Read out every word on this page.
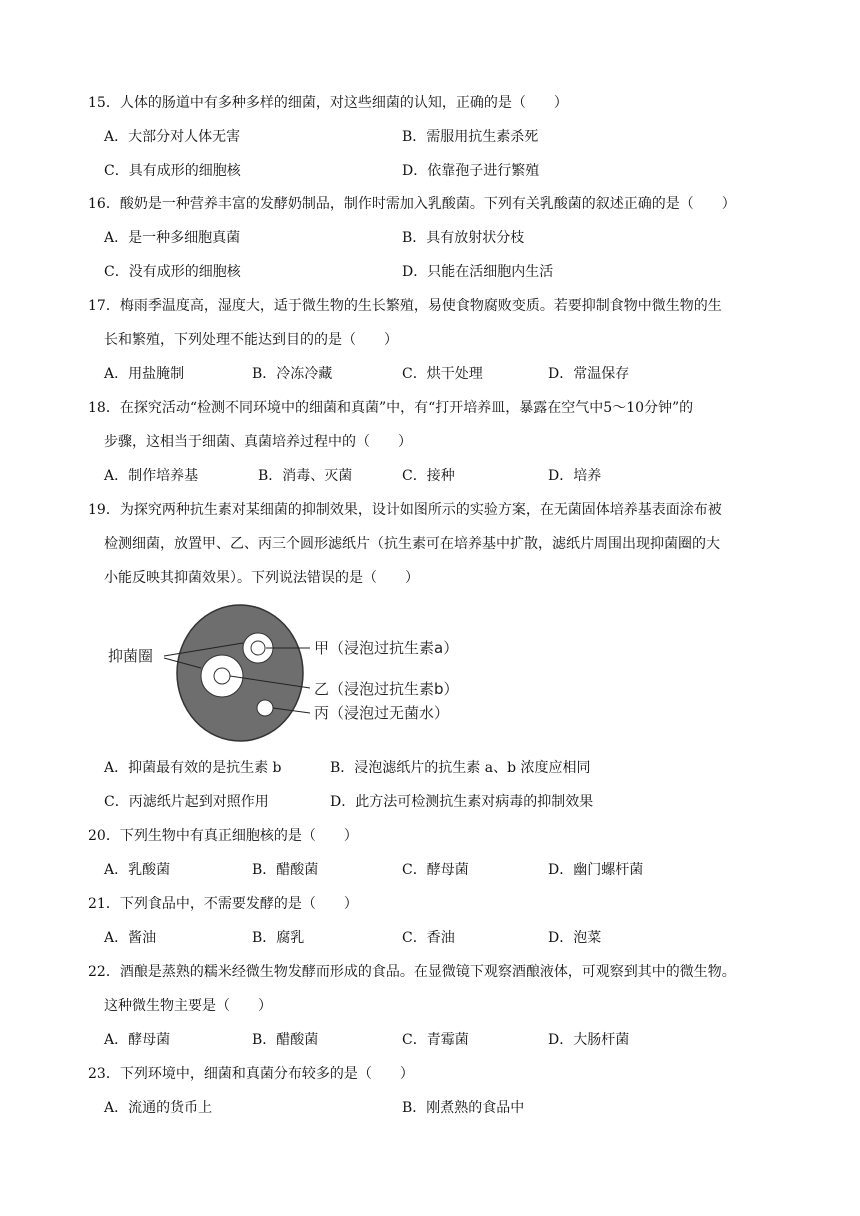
15．人体的肠道中有多种多样的细菌，对这些细菌的认知，正确的是（　　）
A．大部分对人体无害	B．需服用抗生素杀死
C．具有成形的细胞核	D．依靠孢子进行繁殖
16．酸奶是一种营养丰富的发酵奶制品，制作时需加入乳酸菌。下列有关乳酸菌的叙述正确的是（　　）
A．是一种多细胞真菌	B．具有放射状分枝
C．没有成形的细胞核	D．只能在活细胞内生活
17．梅雨季温度高，湿度大，适于微生物的生长繁殖，易使食物腐败变质。若要抑制食物中微生物的生
长和繁殖，下列处理不能达到目的的是（　　）
A．用盐腌制	B．冷冻冷藏	C．烘干处理	D．常温保存
18．在探究活动“检测不同环境中的细菌和真菌”中，有“打开培养皿，暴露在空气中5～10分钟”的
步骤，这相当于细菌、真菌培养过程中的（　　）
A．制作培养基	B．消毒、灭菌	C．接种	D．培养
19．为探究两种抗生素对某细菌的抑制效果，设计如图所示的实验方案，在无菌固体培养基表面涂布被
检测细菌，放置甲、乙、丙三个圆形滤纸片（抗生素可在培养基中扩散，滤纸片周围出现抑菌圈的大
小能反映其抑菌效果）。下列说法错误的是（　　）
抑菌圈	甲（浸泡过抗生素a）
乙（浸泡过抗生素b）
丙（浸泡过无菌水）
A．抑菌最有效的是抗生素 b	B．浸泡滤纸片的抗生素 a、b 浓度应相同
C．丙滤纸片起到对照作用	D．此方法可检测抗生素对病毒的抑制效果
20．下列生物中有真正细胞核的是（　　）
A．乳酸菌	B．醋酸菌	C．酵母菌	D．幽门螺杆菌
21．下列食品中，不需要发酵的是（　　）
A．酱油	B．腐乳	C．香油	D．泡菜
22．酒酿是蒸熟的糯米经微生物发酵而形成的食品。在显微镜下观察酒酿液体，可观察到其中的微生物。
这种微生物主要是（　　）
A．酵母菌	B．醋酸菌	C．青霉菌	D．大肠杆菌
23．下列环境中，细菌和真菌分布较多的是（　　）
A．流通的货币上	B．刚煮熟的食品中
